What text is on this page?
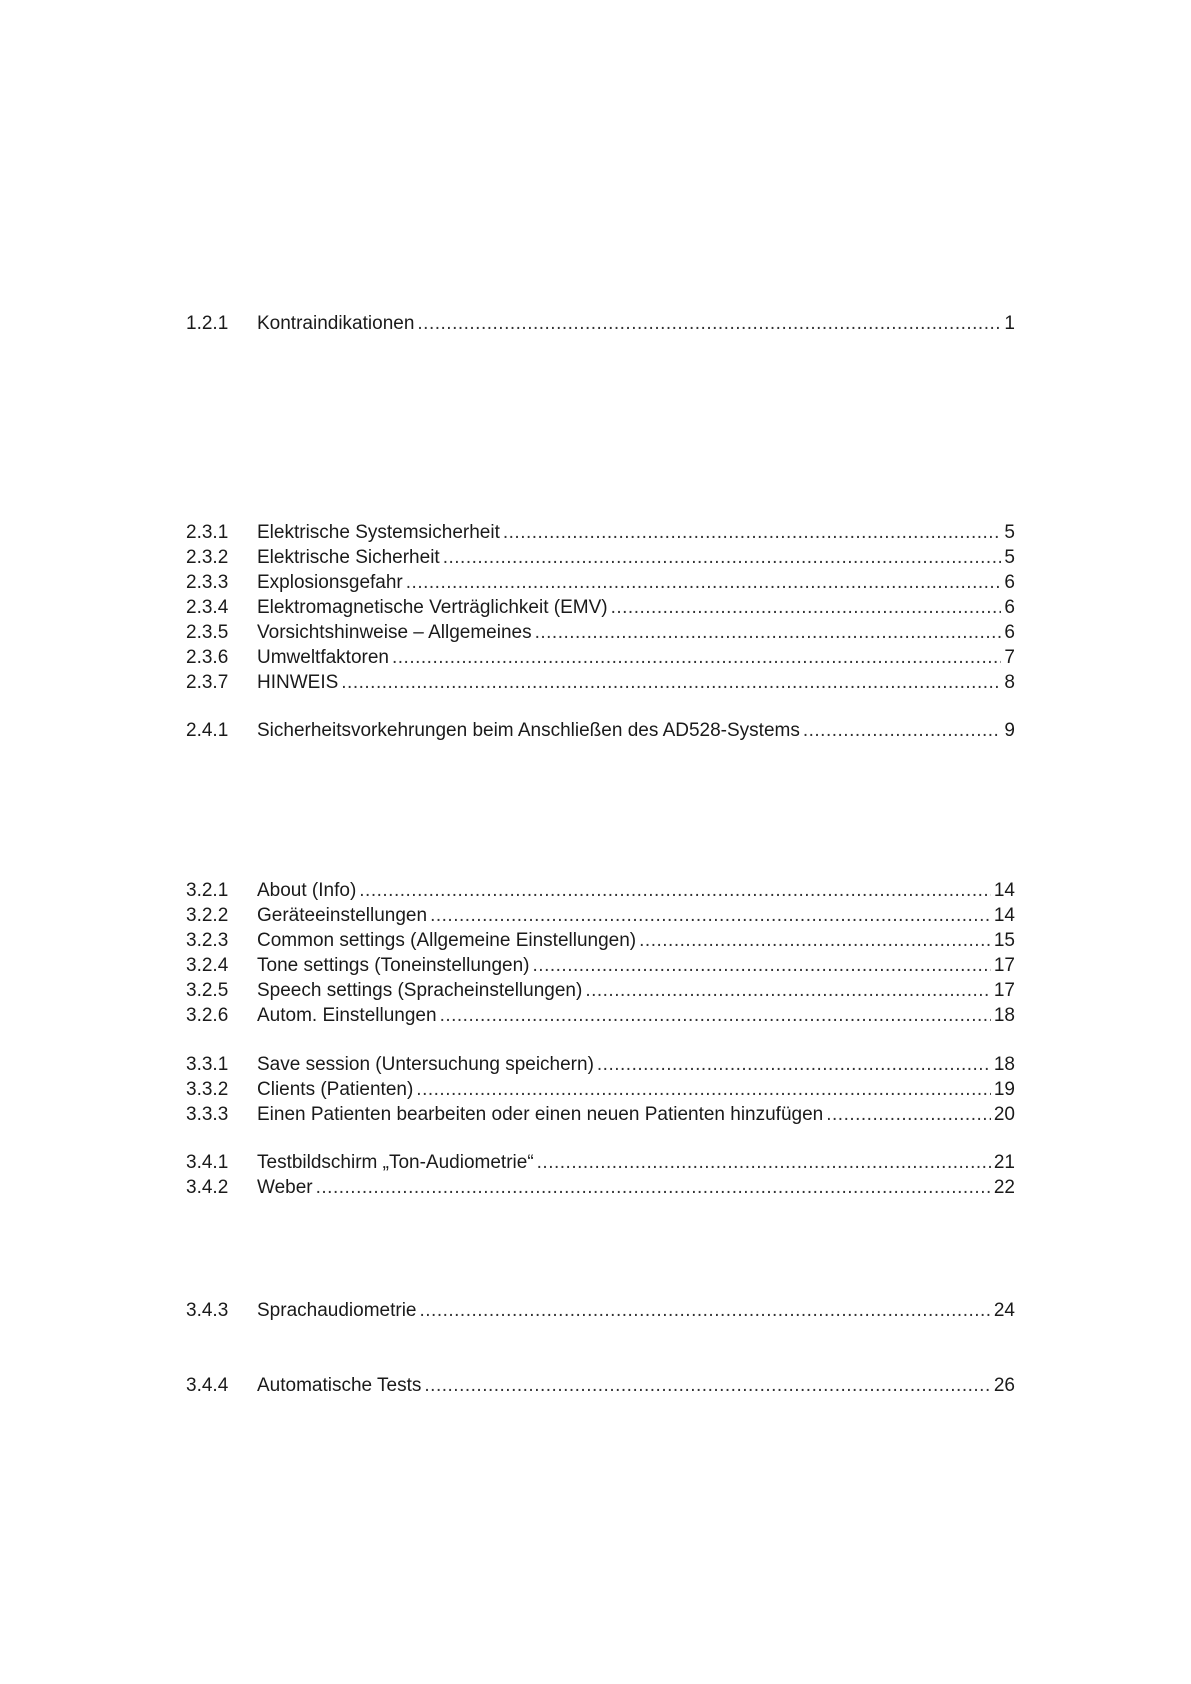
1.2.1	Kontraindikationen .....	1
2.3.1	Elektrische Systemsicherheit .....	5
2.3.2	Elektrische Sicherheit .....	5
2.3.3	Explosionsgefahr .....	6
2.3.4	Elektromagnetische Verträglichkeit (EMV) .....	6
2.3.5	Vorsichtshinweise – Allgemeines .....	6
2.3.6	Umweltfaktoren .....	7
2.3.7	HINWEIS .....	8
2.4.1	Sicherheitsvorkehrungen beim Anschließen des AD528-Systems .....	9
3.2.1	About (Info) .....	14
3.2.2	Geräteeinstellungen .....	14
3.2.3	Common settings (Allgemeine Einstellungen) .....	15
3.2.4	Tone settings (Toneinstellungen) .....	17
3.2.5	Speech settings (Spracheinstellungen) .....	17
3.2.6	Autom. Einstellungen .....	18
3.3.1	Save session (Untersuchung speichern) .....	18
3.3.2	Clients (Patienten) .....	19
3.3.3	Einen Patienten bearbeiten oder einen neuen Patienten hinzufügen .....	20
3.4.1	Testbildschirm „Ton-Audiometrie“ .....	21
3.4.2	Weber .....	22
3.4.3	Sprachaudiometrie .....	24
3.4.4	Automatische Tests .....	26
